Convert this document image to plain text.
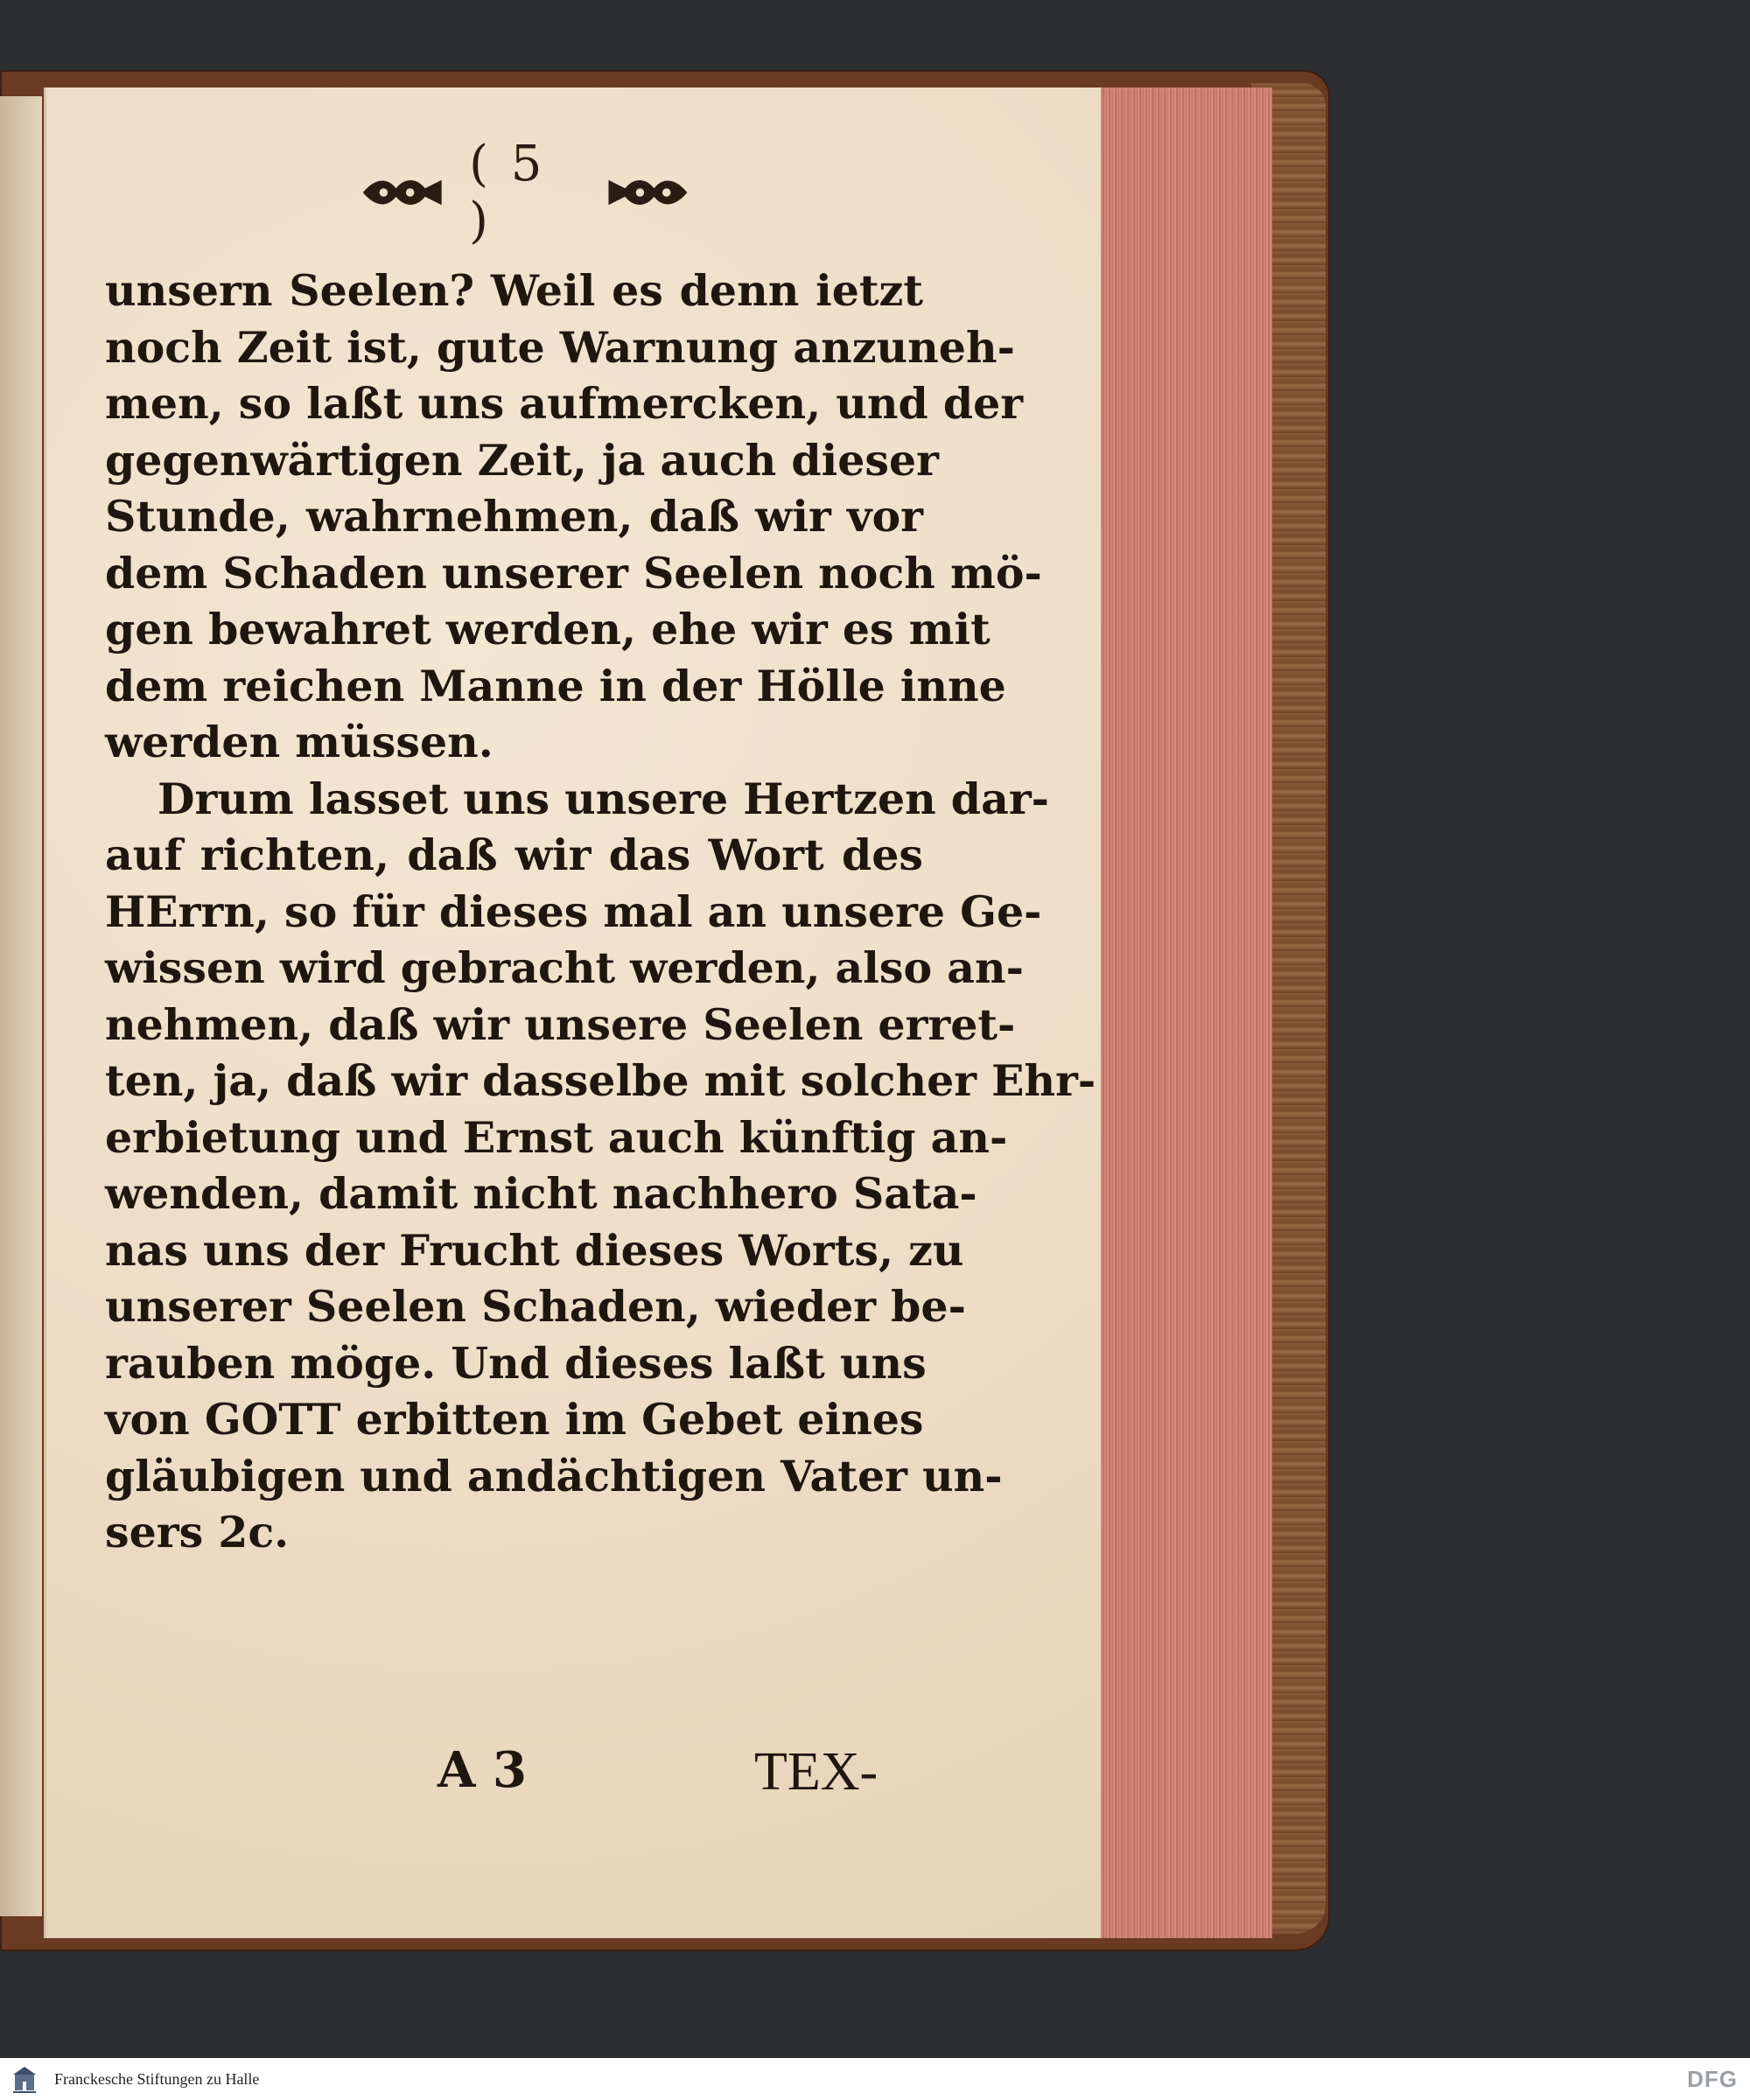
( 5 )
unsern Seelen? Weil es denn ietzt
noch Zeit ist, gute Warnung anzuneh-
men, so laßt uns aufmercken, und der
gegenwärtigen Zeit, ja auch dieser
Stunde, wahrnehmen, daß wir vor
dem Schaden unserer Seelen noch mö-
gen bewahret werden, ehe wir es mit
dem reichen Manne in der Hölle inne
werden müssen.
Drum lasset uns unsere Hertzen dar-
auf richten, daß wir das Wort des
HErrn, so für dieses mal an unsere Ge-
wissen wird gebracht werden, also an-
nehmen, daß wir unsere Seelen erret-
ten, ja, daß wir dasselbe mit solcher Ehr-
erbietung und Ernst auch künftig an-
wenden, damit nicht nachhero Sata-
nas uns der Frucht dieses Worts, zu
unserer Seelen Schaden, wieder be-
rauben möge. Und dieses laßt uns
von GOTT erbitten im Gebet eines
gläubigen und andächtigen Vater un-
sers 2c.
A 3	TEX-
Franckesche Stiftungen zu Halle	DFG
